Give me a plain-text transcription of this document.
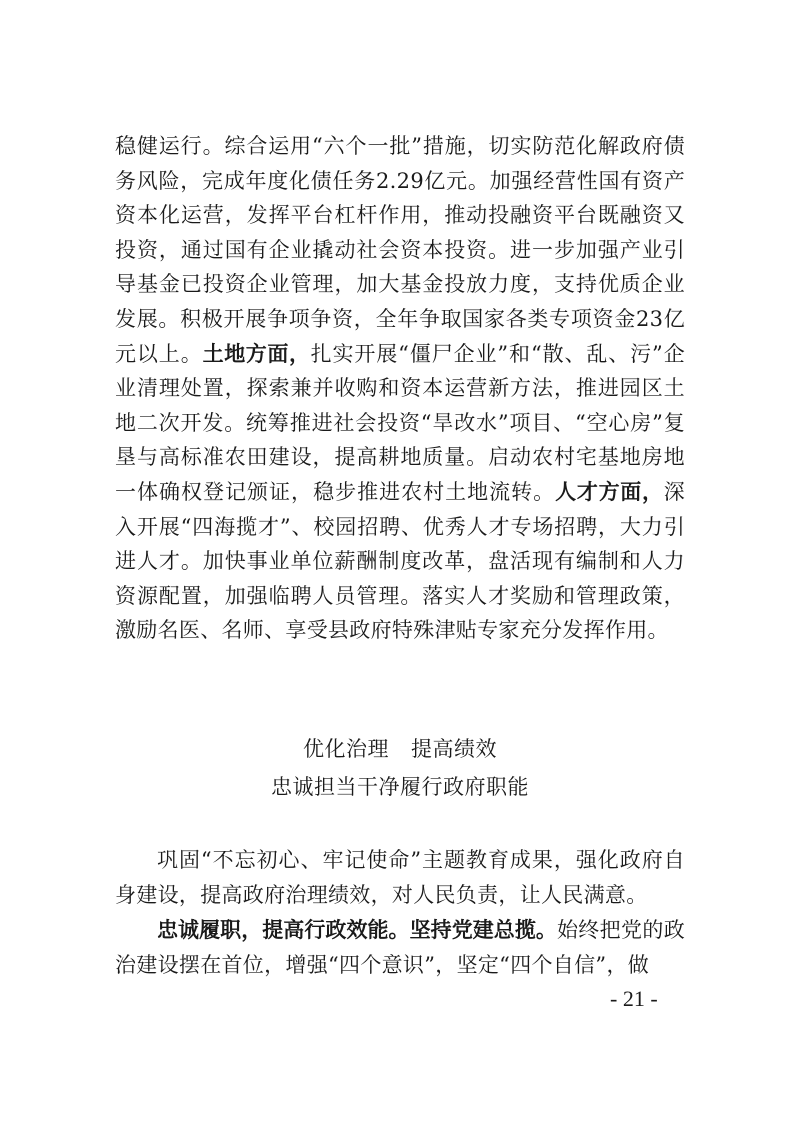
稳健运行。综合运用“六个一批”措施，切实防范化解政府债务风险，完成年度化债任务2.29亿元。加强经营性国有资产资本化运营，发挥平台杠杆作用，推动投融资平台既融资又投资，通过国有企业撬动社会资本投资。进一步加强产业引导基金已投资企业管理，加大基金投放力度，支持优质企业发展。积极开展争项争资，全年争取国家各类专项资金23亿元以上。土地方面，扎实开展“僵尸企业”和“散、乱、污”企业清理处置，探索兼并收购和资本运营新方法，推进园区土地二次开发。统筹推进社会投资“旱改水”项目、“空心房”复垦与高标准农田建设，提高耕地质量。启动农村宅基地房地一体确权登记颁证，稳步推进农村土地流转。人才方面，深入开展“四海揽才”、校园招聘、优秀人才专场招聘，大力引进人才。加快事业单位薪酬制度改革，盘活现有编制和人力资源配置，加强临聘人员管理。落实人才奖励和管理政策，激励名医、名师、享受县政府特殊津贴专家充分发挥作用。
优化治理 提高绩效
忠诚担当干净履行政府职能
巩固“不忘初心、牢记使命”主题教育成果，强化政府自身建设，提高政府治理绩效，对人民负责，让人民满意。
忠诚履职，提高行政效能。坚持党建总揽。始终把党的政治建设摆在首位，增强“四个意识”，坚定“四个自信”，做
- 21 -
